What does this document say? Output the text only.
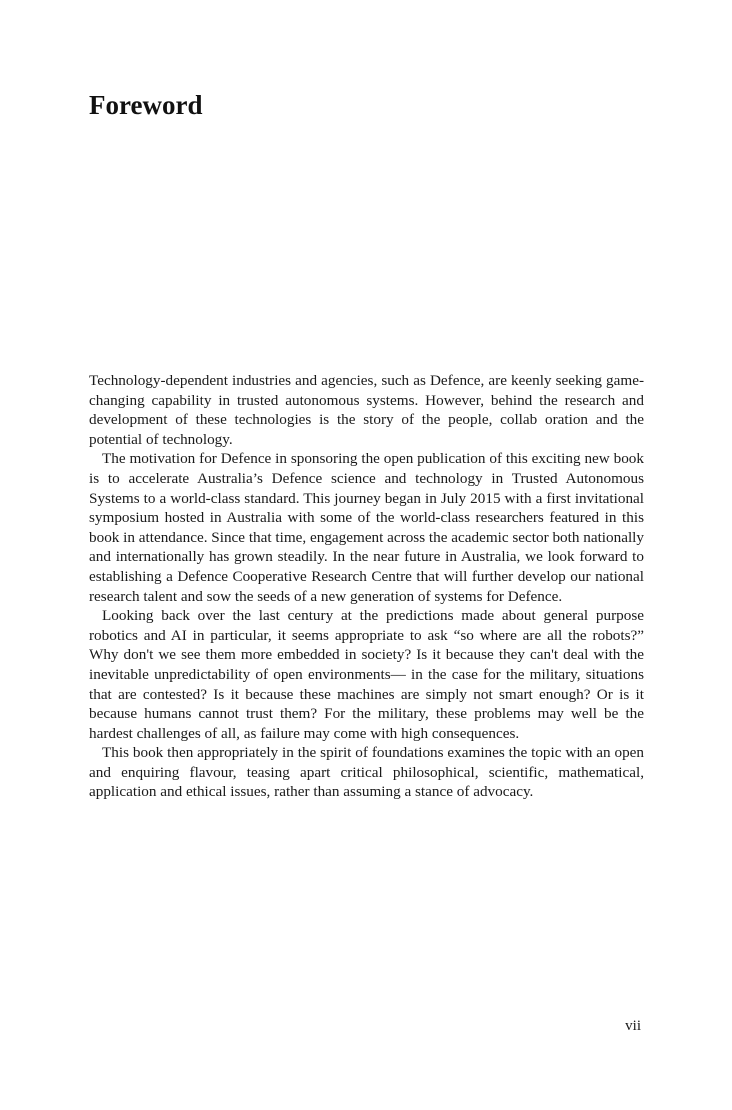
Foreword

Technology-dependent industries and agencies, such as Defence, are keenly seeking game-changing capability in trusted autonomous systems. However, behind the research and development of these technologies is the story of the people, collab oration and the potential of technology.

The motivation for Defence in sponsoring the open publication of this exciting new book is to accelerate Australia’s Defence science and technology in Trusted Autonomous Systems to a world-class standard. This journey began in July 2015 with a first invitational symposium hosted in Australia with some of the world-class researchers featured in this book in attendance. Since that time, engagement across the academic sector both nationally and internationally has grown steadily. In the near future in Australia, we look forward to establishing a Defence Cooperative Research Centre that will further develop our national research talent and sow the seeds of a new generation of systems for Defence.

Looking back over the last century at the predictions made about general purpose robotics and AI in particular, it seems appropriate to ask “so where are all the robots?” Why don't we see them more embedded in society? Is it because they can't deal with the inevitable unpredictability of open environments— in the case for the military, situations that are contested? Is it because these machines are simply not smart enough? Or is it because humans cannot trust them? For the military, these problems may well be the hardest challenges of all, as failure may come with high consequences.

This book then appropriately in the spirit of foundations examines the topic with an open and enquiring flavour, teasing apart critical philosophical, scientific, mathematical, application and ethical issues, rather than assuming a stance of advocacy.

vii
